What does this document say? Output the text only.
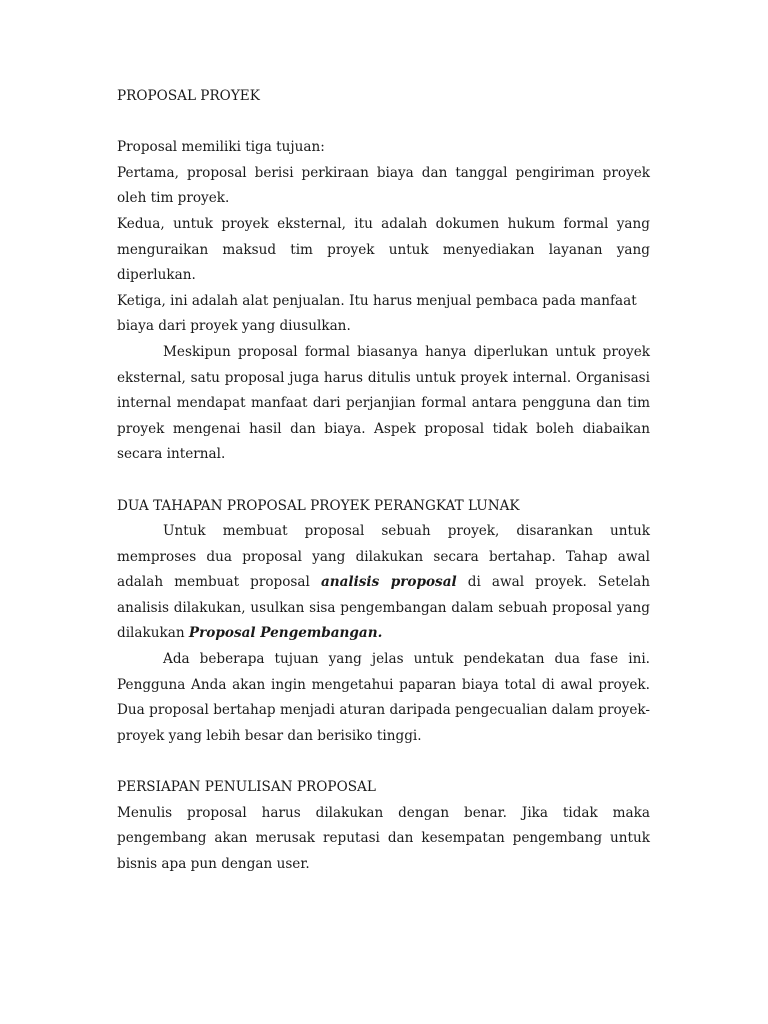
PROPOSAL PROYEK

Proposal memiliki tiga tujuan:

Pertama, proposal berisi perkiraan biaya dan tanggal pengiriman proyek oleh tim proyek.

Kedua, untuk proyek eksternal, itu adalah dokumen hukum formal yang menguraikan maksud tim proyek untuk menyediakan layanan yang diperlukan.

Ketiga, ini adalah alat penjualan. Itu harus menjual pembaca pada manfaat biaya dari proyek yang diusulkan.

Meskipun proposal formal biasanya hanya diperlukan untuk proyek eksternal, satu proposal juga harus ditulis untuk proyek internal. Organisasi internal mendapat manfaat dari perjanjian formal antara pengguna dan tim proyek mengenai hasil dan biaya. Aspek proposal tidak boleh diabaikan secara internal.

DUA TAHAPAN PROPOSAL PROYEK PERANGKAT LUNAK

Untuk membuat proposal sebuah proyek, disarankan untuk memproses dua proposal yang dilakukan secara bertahap. Tahap awal adalah membuat proposal analisis proposal di awal proyek. Setelah analisis dilakukan, usulkan sisa pengembangan dalam sebuah proposal yang dilakukan Proposal Pengembangan.

Ada beberapa tujuan yang jelas untuk pendekatan dua fase ini. Pengguna Anda akan ingin mengetahui paparan biaya total di awal proyek. Dua proposal bertahap menjadi aturan daripada pengecualian dalam proyek-proyek yang lebih besar dan berisiko tinggi.

PERSIAPAN PENULISAN PROPOSAL

Menulis proposal harus dilakukan dengan benar. Jika tidak maka pengembang akan merusak reputasi dan kesempatan pengembang untuk bisnis apa pun dengan user.
